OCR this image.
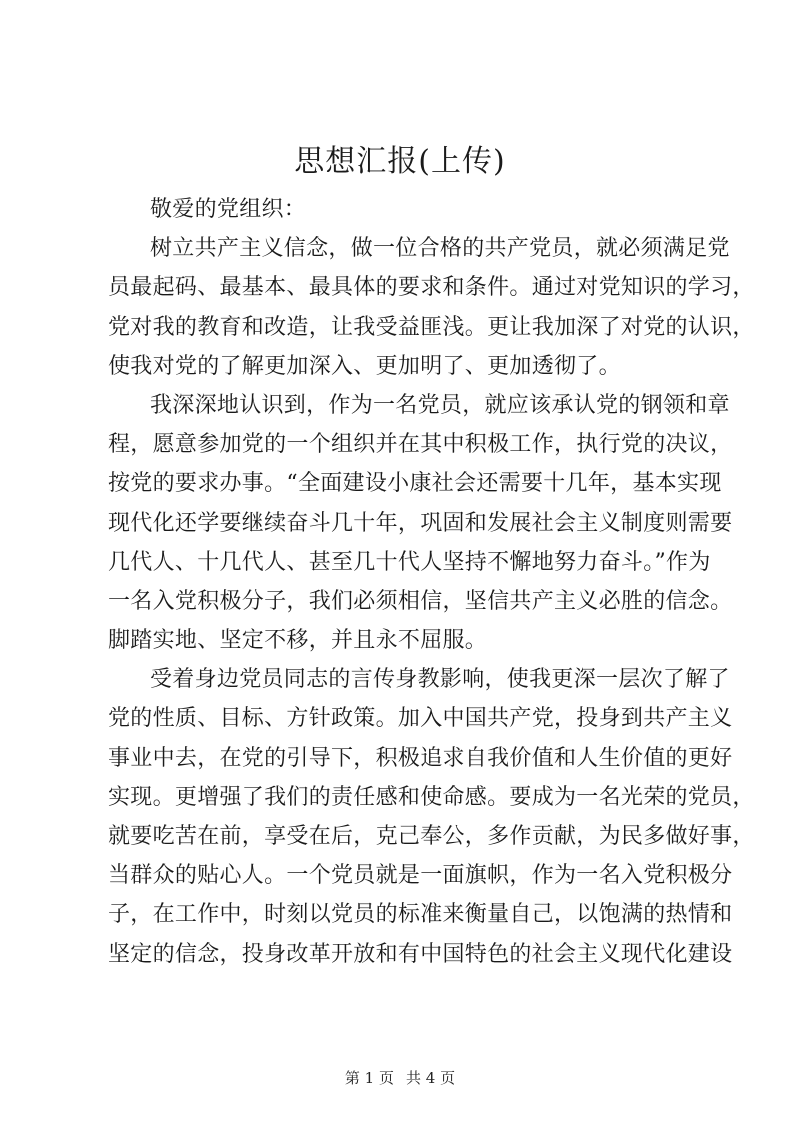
思想汇报(上传)
敬爱的党组织：
树立共产主义信念，做一位合格的共产党员，就必须满足党
员最起码、最基本、最具体的要求和条件。通过对党知识的学习，
党对我的教育和改造，让我受益匪浅。更让我加深了对党的认识，
使我对党的了解更加深入、更加明了、更加透彻了。
我深深地认识到，作为一名党员，就应该承认党的钢领和章
程，愿意参加党的一个组织并在其中积极工作，执行党的决议，
按党的要求办事。“全面建设小康社会还需要十几年，基本实现
现代化还学要继续奋斗几十年，巩固和发展社会主义制度则需要
几代人、十几代人、甚至几十代人坚持不懈地努力奋斗。”作为
一名入党积极分子，我们必须相信，坚信共产主义必胜的信念。
脚踏实地、坚定不移，并且永不屈服。
受着身边党员同志的言传身教影响，使我更深一层次了解了
党的性质、目标、方针政策。加入中国共产党，投身到共产主义
事业中去，在党的引导下，积极追求自我价值和人生价值的更好
实现。更增强了我们的责任感和使命感。要成为一名光荣的党员，
就要吃苦在前，享受在后，克己奉公，多作贡献，为民多做好事，
当群众的贴心人。一个党员就是一面旗帜，作为一名入党积极分
子，在工作中，时刻以党员的标准来衡量自己，以饱满的热情和
坚定的信念，投身改革开放和有中国特色的社会主义现代化建设
第 1 页 共 4 页
